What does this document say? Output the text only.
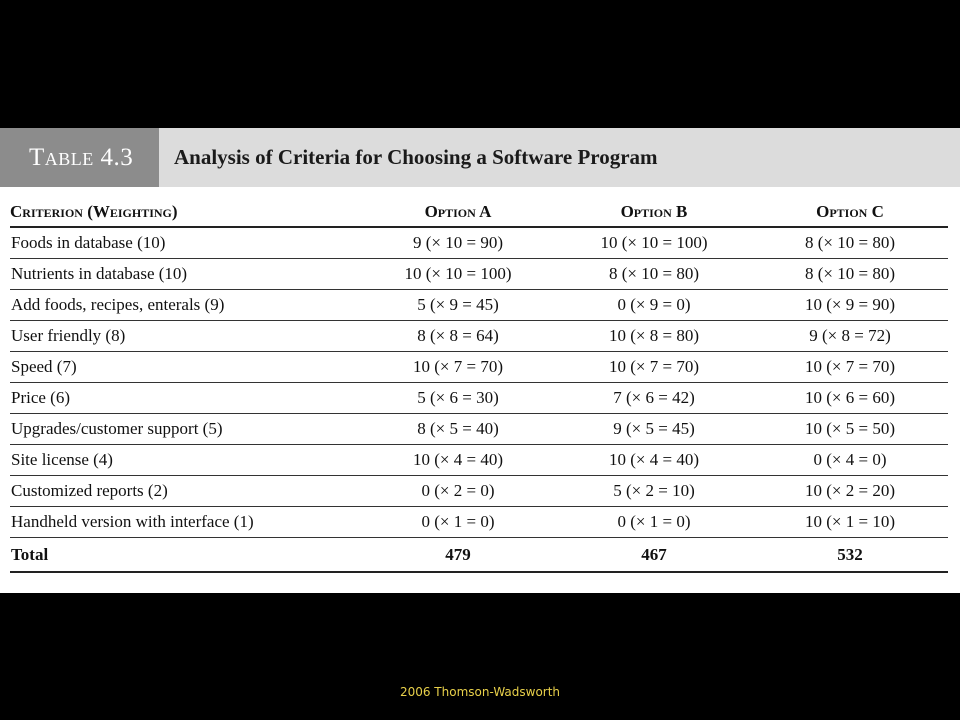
Table 4.3	Analysis of Criteria for Choosing a Software Program
Criterion (Weighting)	Option A	Option B	Option C
Foods in database (10)	9 (× 10 = 90)	10 (× 10 = 100)	8 (× 10 = 80)
Nutrients in database (10)	10 (× 10 = 100)	8 (× 10 = 80)	8 (× 10 = 80)
Add foods, recipes, enterals (9)	5 (× 9 = 45)	0 (× 9 = 0)	10 (× 9 = 90)
User friendly (8)	8 (× 8 = 64)	10 (× 8 = 80)	9 (× 8 = 72)
Speed (7)	10 (× 7 = 70)	10 (× 7 = 70)	10 (× 7 = 70)
Price (6)	5 (× 6 = 30)	7 (× 6 = 42)	10 (× 6 = 60)
Upgrades/customer support (5)	8 (× 5 = 40)	9 (× 5 = 45)	10 (× 5 = 50)
Site license (4)	10 (× 4 = 40)	10 (× 4 = 40)	0 (× 4 = 0)
Customized reports (2)	0 (× 2 = 0)	5 (× 2 = 10)	10 (× 2 = 20)
Handheld version with interface (1)	0 (× 1 = 0)	0 (× 1 = 0)	10 (× 1 = 10)
Total	479	467	532
2006 Thomson-Wadsworth
